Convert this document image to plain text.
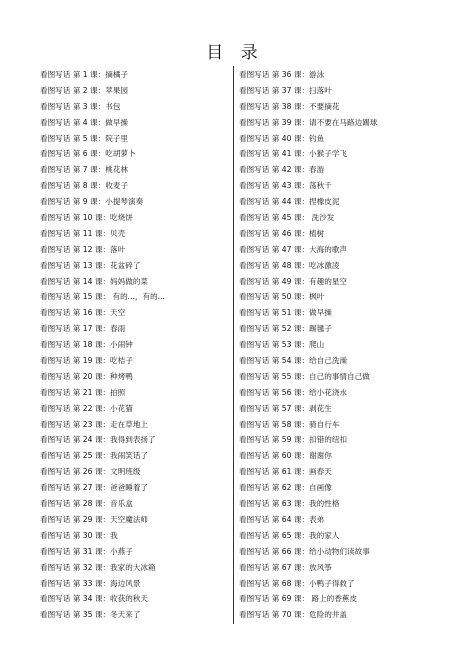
目 录
看图写话 第 1 课：摘橘子
看图写话 第 2 课：苹果园
看图写话 第 3 课：书包
看图写话 第 4 课：做早操
看图写话 第 5 课：院子里
看图写话 第 6 课：吃胡萝卜
看图写话 第 7 课：桃花林
看图写话 第 8 课：收麦子
看图写话 第 9 课：小提琴演奏
看图写话 第 10 课：吃烧饼
看图写话 第 11 课：贝壳
看图写话 第 12 课：落叶
看图写话 第 13 课：花盆碎了
看图写话 第 14 课：妈妈做的菜
看图写话 第 15 课： 有的...，有的...
看图写话 第 16 课：天空
看图写话 第 17 课：春雨
看图写话 第 18 课：小闹钟
看图写话 第 19 课：吃桔子
看图写话 第 20 课：种烤鸭
看图写话 第 21 课：拍照
看图写话 第 22 课：小花猫
看图写话 第 23 课：走在草地上
看图写话 第 24 课：我得到表扬了
看图写话 第 25 课：我闹笑话了
看图写话 第 26 课：文明班级
看图写话 第 27 课：爸爸睡着了
看图写话 第 28 课：音乐盒
看图写话 第 29 课：天空魔法师
看图写话 第 30 课：我
看图写话 第 31 课：小燕子
看图写话 第 32 课：我家的大冰箱
看图写话 第 33 课：海边风景
看图写话 第 34 课：收获的秋天
看图写话 第 35 课：冬天来了
看图写话 第 36 课：游泳
看图写话 第 37 课：扫落叶
看图写话 第 38 课：不要摘花
看图写话 第 39 课：请不要在马路边踢球
看图写话 第 40 课：钓鱼
看图写话 第 41 课：小猴子学飞
看图写话 第 42 课：春游
看图写话 第 43 课：荡秋千
看图写话 第 44 课：捏橡皮泥
看图写话 第 45 课： 洗沙发
看图写话 第 46 课：植树
看图写话 第 47 课：大海的歌声
看图写话 第 48 课：吃冰激凌
看图写话 第 49 课：有趣的星空
看图写话 第 50 课：枫叶
看图写话 第 51 课：做早操
看图写话 第 52 课：踢毽子
看图写话 第 53 课：爬山
看图写话 第 54 课：给自己洗澡
看图写话 第 55 课：自己的事情自己做
看图写话 第 56 课：给小花浇水
看图写话 第 57 课：剥花生
看图写话 第 58 课：骑自行车
看图写话 第 59 课：扣错的纽扣
看图写话 第 60 课：谢谢你
看图写话 第 61 课：画春天
看图写话 第 62 课：自画像
看图写话 第 63 课：我的性格
看图写话 第 64 课：表弟
看图写话 第 65 课：我的家人
看图写话 第 66 课：给小动物们读故事
看图写话 第 67 课：放风筝
看图写话 第 68 课：小鸭子得救了
看图写话 第 69 课： 路上的香蕉皮
看图写话 第 70 课：危险的井盖
